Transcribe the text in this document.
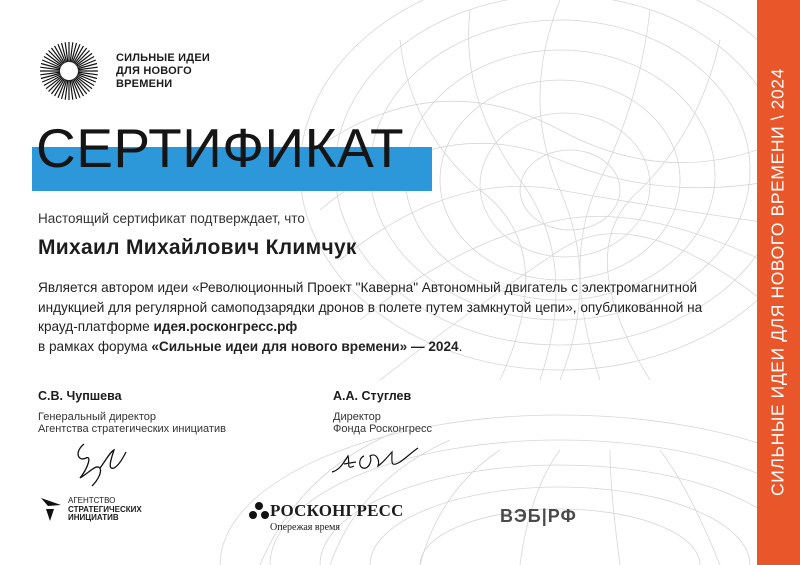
СИЛЬНЫЕ ИДЕИ ДЛЯ НОВОГО ВРЕМЕНИ \ 2024
СИЛЬНЫЕ ИДЕИ
ДЛЯ НОВОГО
ВРЕМЕНИ
СЕРТИФИКАТ
Настоящий сертификат подтверждает, что
Михаил Михайлович Климчук
Является автором идеи «Революционный Проект "Каверна" Автономный двигатель с электромагнитной индукцией для регулярной самоподзарядки дронов в полете путем замкнутой цепи», опубликованной на крауд-платформе идея.росконгресс.рф
в рамках форума «Сильные идеи для нового времени» — 2024.
С.В. Чупшева
Генеральный директор
Агентства стратегических инициатив
А.А. Стуглев
Директор
Фонда Росконгресс
АГЕНТСТВО
СТРАТЕГИЧЕСКИХ
ИНИЦИАТИВ	РОСКОНГРЕСС
Опережая время
ВЭБ|РФ
